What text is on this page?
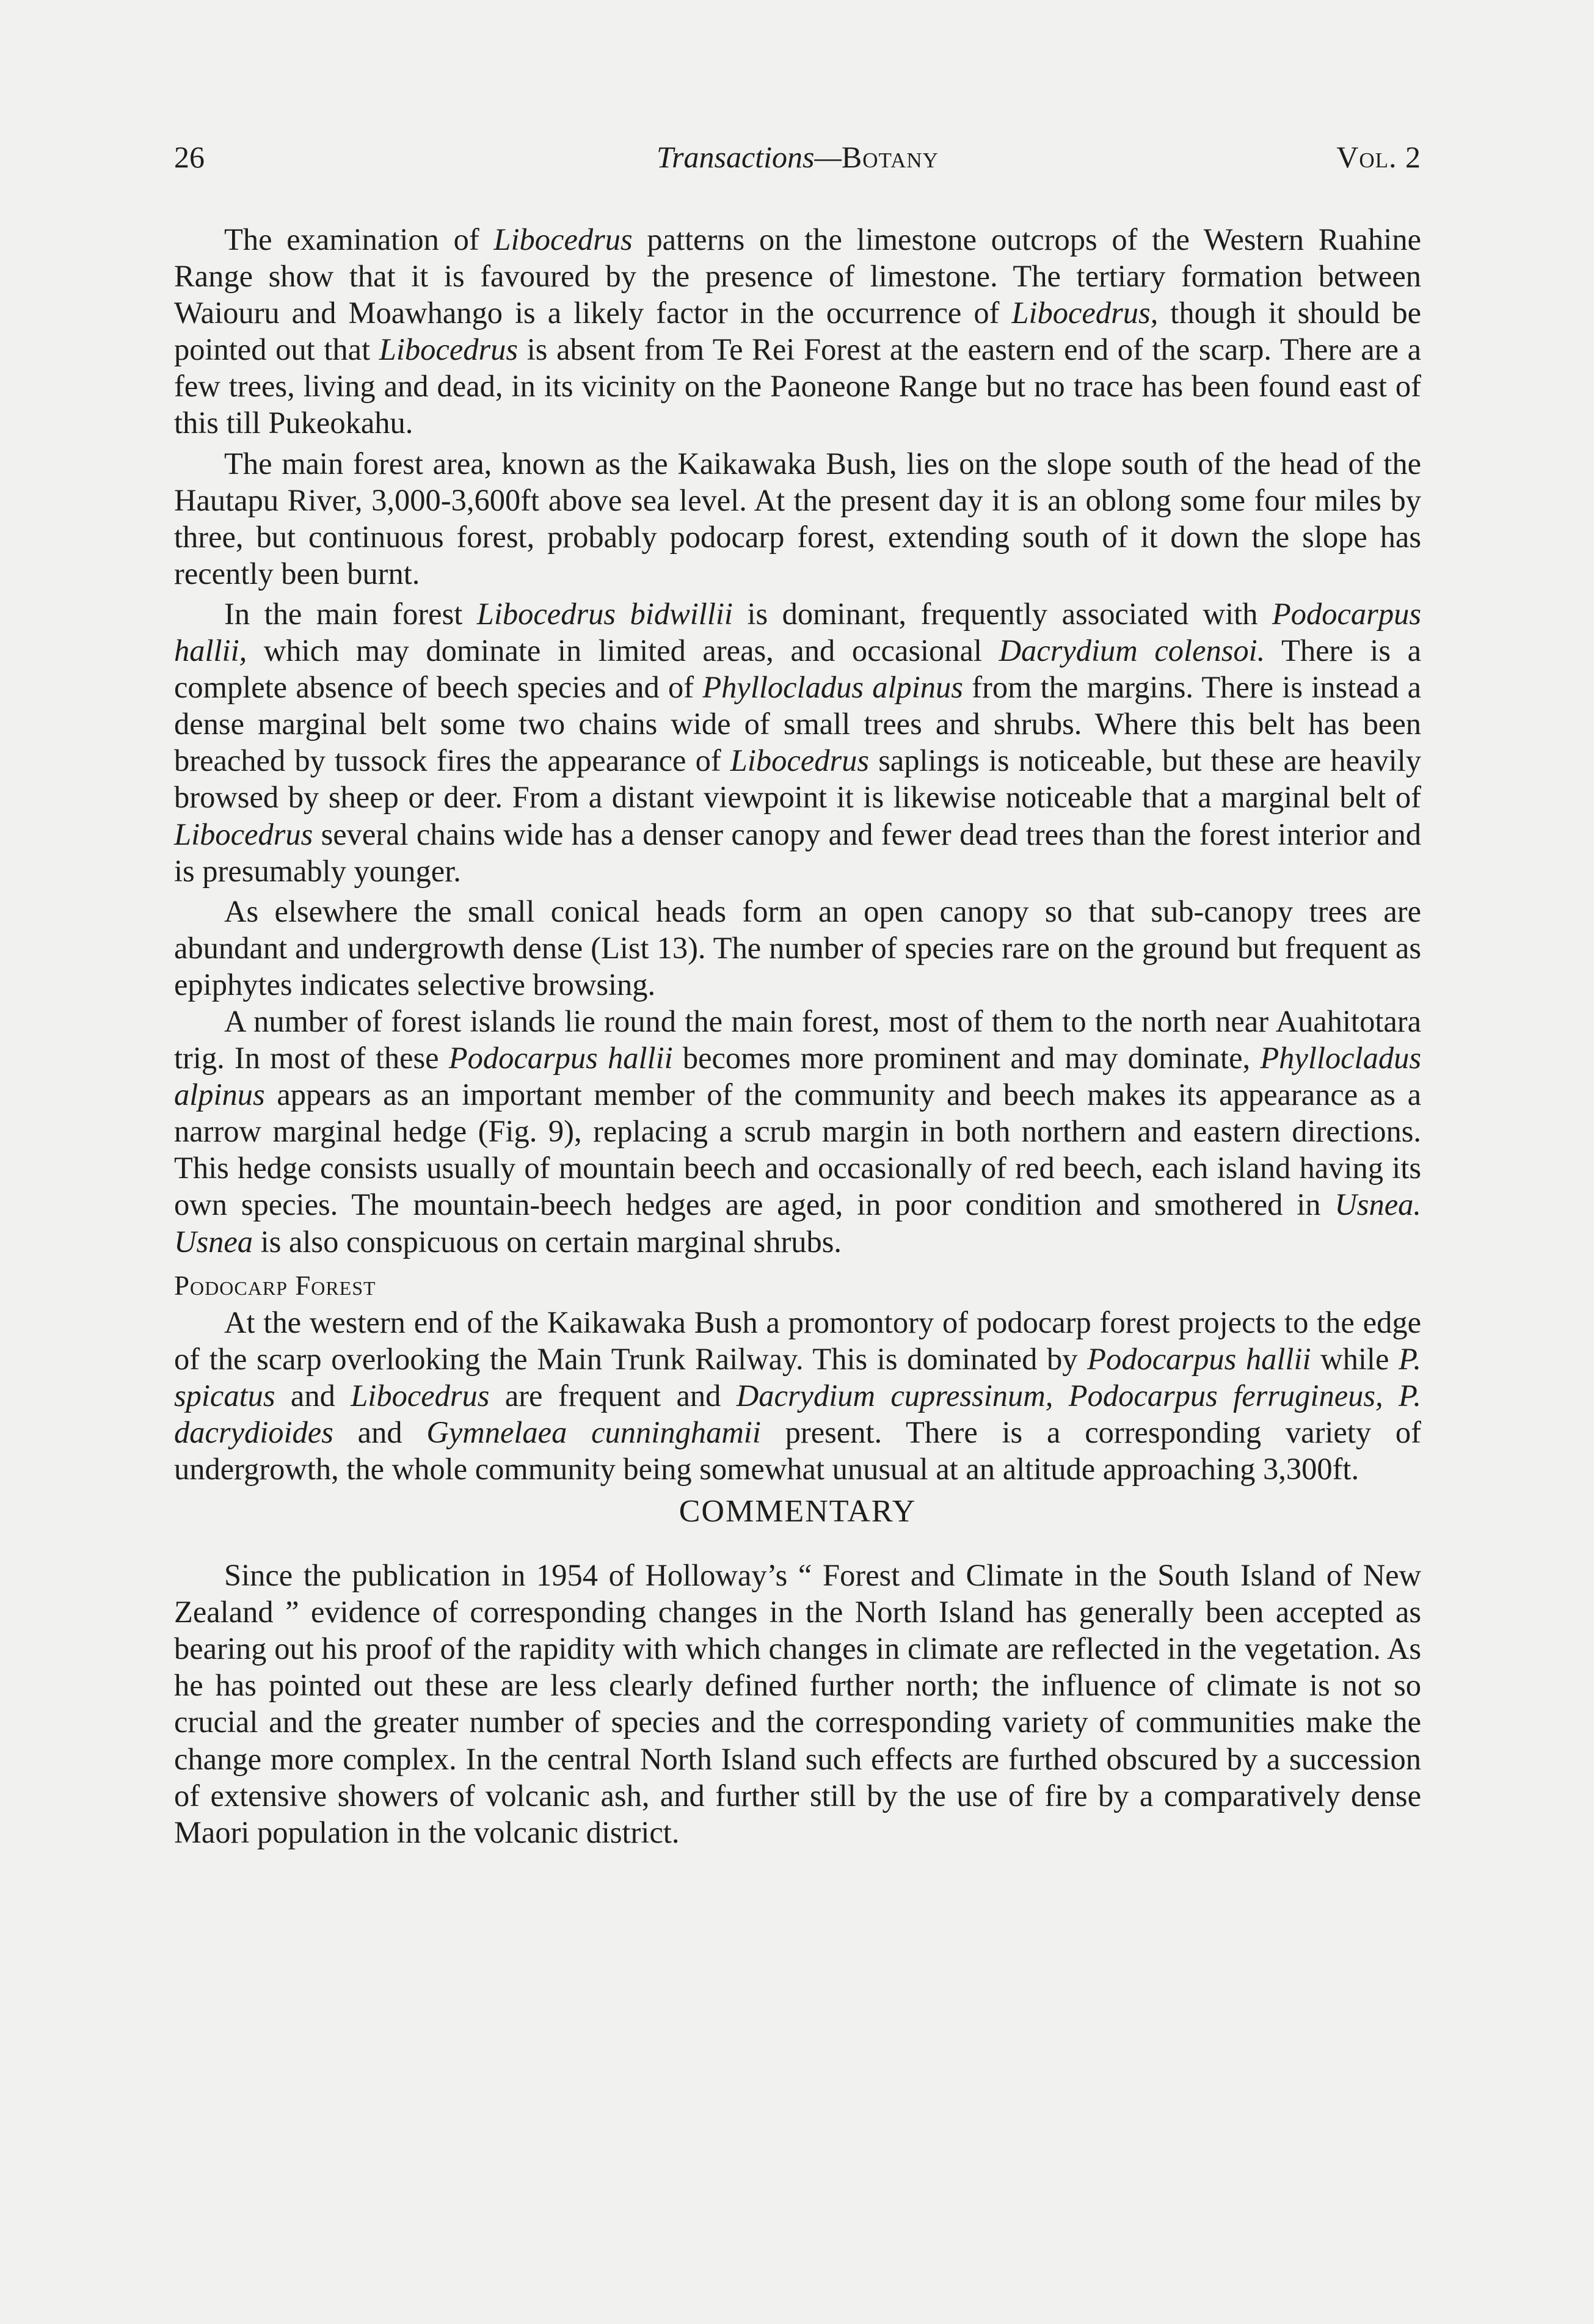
26	Transactions—Botany	Vol. 2

The examination of Libocedrus patterns on the limestone outcrops of the Western Ruahine Range show that it is favoured by the presence of limestone. The tertiary formation between Waiouru and Moawhango is a likely factor in the occurrence of Libocedrus, though it should be pointed out that Libocedrus is absent from Te Rei Forest at the eastern end of the scarp. There are a few trees, living and dead, in its vicinity on the Paoneone Range but no trace has been found east of this till Pukeokahu.

The main forest area, known as the Kaikawaka Bush, lies on the slope south of the head of the Hautapu River, 3,000-3,600ft above sea level. At the present day it is an oblong some four miles by three, but continuous forest, probably podocarp forest, extending south of it down the slope has recently been burnt.

In the main forest Libocedrus bidwillii is dominant, frequently associated with Podocarpus hallii, which may dominate in limited areas, and occasional Dacrydium colensoi. There is a complete absence of beech species and of Phyllocladus alpinus from the margins. There is instead a dense marginal belt some two chains wide of small trees and shrubs. Where this belt has been breached by tussock fires the appearance of Libocedrus saplings is noticeable, but these are heavily browsed by sheep or deer. From a distant viewpoint it is likewise noticeable that a marginal belt of Libocedrus several chains wide has a denser canopy and fewer dead trees than the forest interior and is presumably younger.

As elsewhere the small conical heads form an open canopy so that sub-canopy trees are abundant and undergrowth dense (List 13). The number of species rare on the ground but frequent as epiphytes indicates selective browsing.

A number of forest islands lie round the main forest, most of them to the north near Auahitotara trig. In most of these Podocarpus hallii becomes more prominent and may dominate, Phyllocladus alpinus appears as an important member of the community and beech makes its appearance as a narrow marginal hedge (Fig. 9), replacing a scrub margin in both northern and eastern directions. This hedge consists usually of mountain beech and occasionally of red beech, each island having its own species. The mountain-beech hedges are aged, in poor condition and smothered in Usnea. Usnea is also conspicuous on certain marginal shrubs.

Podocarp Forest

At the western end of the Kaikawaka Bush a promontory of podocarp forest projects to the edge of the scarp overlooking the Main Trunk Railway. This is dominated by Podocarpus hallii while P. spicatus and Libocedrus are frequent and Dacrydium cupressinum, Podocarpus ferrugineus, P. dacrydioides and Gymnelaea cunninghamii present. There is a corresponding variety of undergrowth, the whole community being somewhat unusual at an altitude approaching 3,300ft.

COMMENTARY

Since the publication in 1954 of Holloway’s “ Forest and Climate in the South Island of New Zealand ” evidence of corresponding changes in the North Island has generally been accepted as bearing out his proof of the rapidity with which changes in climate are reflected in the vegetation. As he has pointed out these are less clearly defined further north; the influence of climate is not so crucial and the greater number of species and the corresponding variety of communities make the change more complex. In the central North Island such effects are furthed obscured by a succession of extensive showers of volcanic ash, and further still by the use of fire by a comparatively dense Maori population in the volcanic district.
